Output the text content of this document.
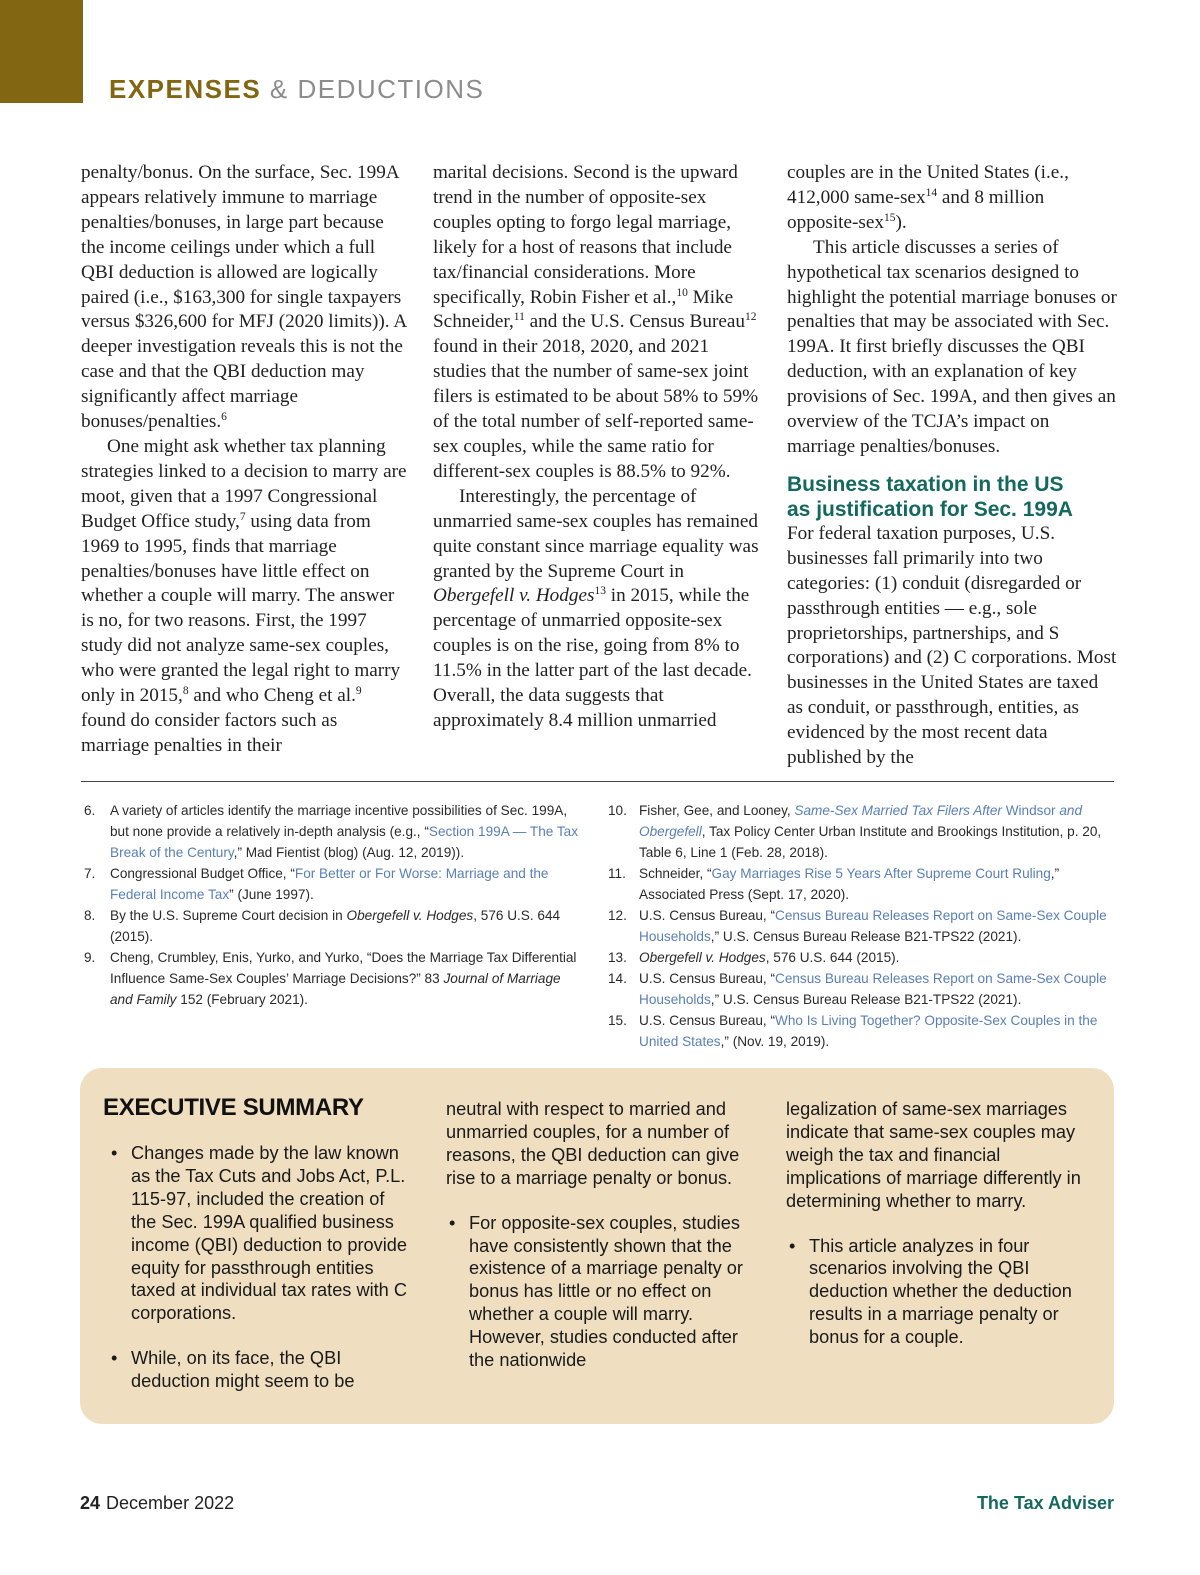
EXPENSES & DEDUCTIONS

penalty/bonus. On the surface, Sec. 199A appears relatively immune to marriage penalties/bonuses, in large part because the income ceilings under which a full QBI deduction is allowed are logically paired (i.e., $163,300 for single taxpayers versus $326,600 for MFJ (2020 limits)). A deeper investigation reveals this is not the case and that the QBI deduction may significantly affect marriage bonuses/penalties.$^6$

One might ask whether tax planning strategies linked to a decision to marry are moot, given that a 1997 Congressional Budget Office study,$^7$ using data from 1969 to 1995, finds that marriage penalties/bonuses have little effect on whether a couple will marry. The answer is no, for two reasons. First, the 1997 study did not analyze same-sex couples, who were granted the legal right to marry only in 2015,$^8$ and who Cheng et al.$^9$ found do consider factors such as marriage penalties in their

marital decisions. Second is the upward trend in the number of opposite-sex couples opting to forgo legal marriage, likely for a host of reasons that include tax/financial considerations. More specifically, Robin Fisher et al.,$^{10}$ Mike Schneider,$^{11}$ and the U.S. Census Bureau$^{12}$ found in their 2018, 2020, and 2021 studies that the number of same-sex joint filers is estimated to be about 58% to 59% of the total number of self-reported same-sex couples, while the same ratio for different-sex couples is 88.5% to 92%.

Interestingly, the percentage of unmarried same-sex couples has remained quite constant since marriage equality was granted by the Supreme Court in Obergefell v. Hodges$^{13}$ in 2015, while the percentage of unmarried opposite-sex couples is on the rise, going from 8% to 11.5% in the latter part of the last decade. Overall, the data suggests that approximately 8.4 million unmarried

couples are in the United States (i.e., 412,000 same-sex$^{14}$ and 8 million opposite-sex$^{15}$).

This article discusses a series of hypothetical tax scenarios designed to highlight the potential marriage bonuses or penalties that may be associated with Sec. 199A. It first briefly discusses the QBI deduction, with an explanation of key provisions of Sec. 199A, and then gives an overview of the TCJA’s impact on marriage penalties/bonuses.

Business taxation in the US
as justification for Sec. 199A

For federal taxation purposes, U.S. businesses fall primarily into two categories: (1) conduit (disregarded or passthrough entities — e.g., sole proprietorships, partnerships, and S corporations) and (2) C corporations. Most businesses in the United States are taxed as conduit, or passthrough, entities, as evidenced by the most recent data published by the

6. A variety of articles identify the marriage incentive possibilities of Sec. 199A, but none provide a relatively in-depth analysis (e.g., “Section 199A — The Tax Break of the Century,” Mad Fientist (blog) (Aug. 12, 2019)).
7. Congressional Budget Office, “For Better or For Worse: Marriage and the Federal Income Tax” (June 1997).
8. By the U.S. Supreme Court decision in Obergefell v. Hodges, 576 U.S. 644 (2015).
9. Cheng, Crumbley, Enis, Yurko, and Yurko, “Does the Marriage Tax Differential Influence Same-Sex Couples’ Marriage Decisions?” 83 Journal of Marriage and Family 152 (February 2021).
10. Fisher, Gee, and Looney, Same-Sex Married Tax Filers After Windsor and Obergefell, Tax Policy Center Urban Institute and Brookings Institution, p. 20, Table 6, Line 1 (Feb. 28, 2018).
11. Schneider, “Gay Marriages Rise 5 Years After Supreme Court Ruling,” Associated Press (Sept. 17, 2020).
12. U.S. Census Bureau, “Census Bureau Releases Report on Same-Sex Couple Households,” U.S. Census Bureau Release B21-TPS22 (2021).
13. Obergefell v. Hodges, 576 U.S. 644 (2015).
14. U.S. Census Bureau, “Census Bureau Releases Report on Same-Sex Couple Households,” U.S. Census Bureau Release B21-TPS22 (2021).
15. U.S. Census Bureau, “Who Is Living Together? Opposite-Sex Couples in the United States,” (Nov. 19, 2019).
EXECUTIVE SUMMARY
• Changes made by the law known as the Tax Cuts and Jobs Act, P.L. 115-97, included the creation of the Sec. 199A qualified business income (QBI) deduction to provide equity for passthrough entities taxed at individual tax rates with C corporations.
• While, on its face, the QBI deduction might seem to be
neutral with respect to married and unmarried couples, for a number of reasons, the QBI deduction can give rise to a marriage penalty or bonus.
• For opposite-sex couples, studies have consistently shown that the existence of a marriage penalty or bonus has little or no effect on whether a couple will marry. However, studies conducted after the nationwide
legalization of same-sex marriages indicate that same-sex couples may weigh the tax and financial implications of marriage differently in determining whether to marry.
• This article analyzes in four scenarios involving the QBI deduction whether the deduction results in a marriage penalty or bonus for a couple.
24 December 2022	The Tax Adviser
